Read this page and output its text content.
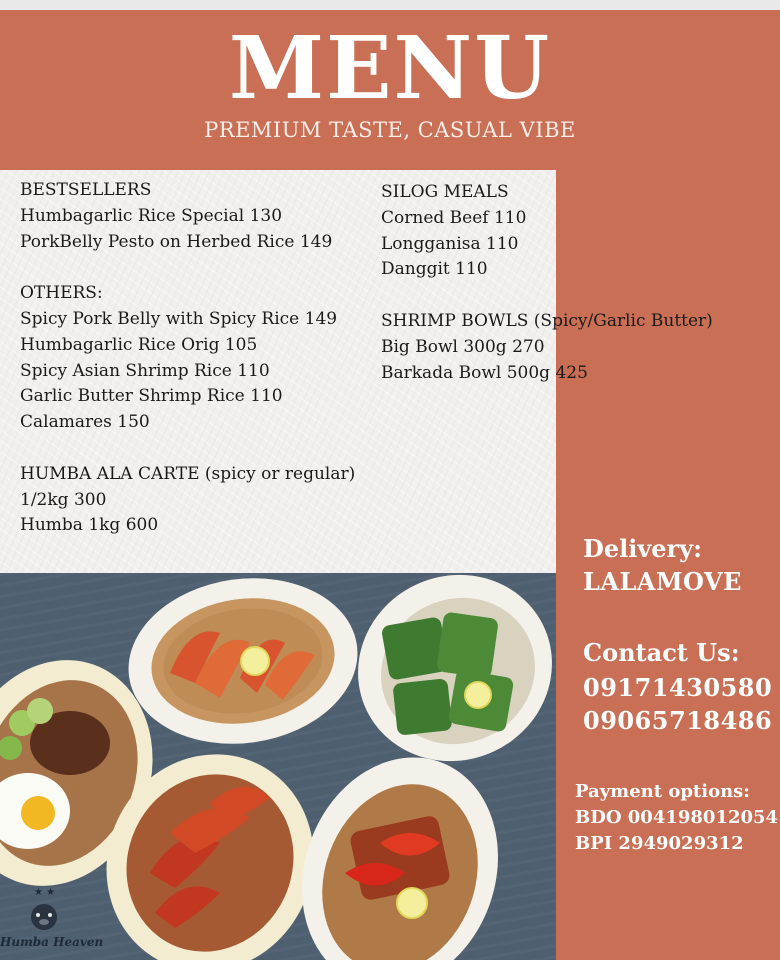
MENU
PREMIUM TASTE, CASUAL VIBE
BESTSELLERS
Humbagarlic Rice Special 130
PorkBelly Pesto on Herbed Rice 149
OTHERS:
Spicy Pork Belly with Spicy Rice 149
Humbagarlic Rice Orig 105
Spicy Asian Shrimp Rice 110
Garlic Butter Shrimp Rice 110
Calamares 150
HUMBA ALA CARTE (spicy or regular)
1/2kg 300
Humba 1kg 600
SILOG MEALS
Corned Beef 110
Longganisa 110
Danggit 110
SHRIMP BOWLS (Spicy/Garlic Butter)
Big Bowl 300g 270
Barkada Bowl 500g 425
★ ★
Humba Heaven
Delivery:
LALAMOVE
Contact Us:
09171430580
09065718486
Payment options:
BDO 004198012054
BPI 2949029312
